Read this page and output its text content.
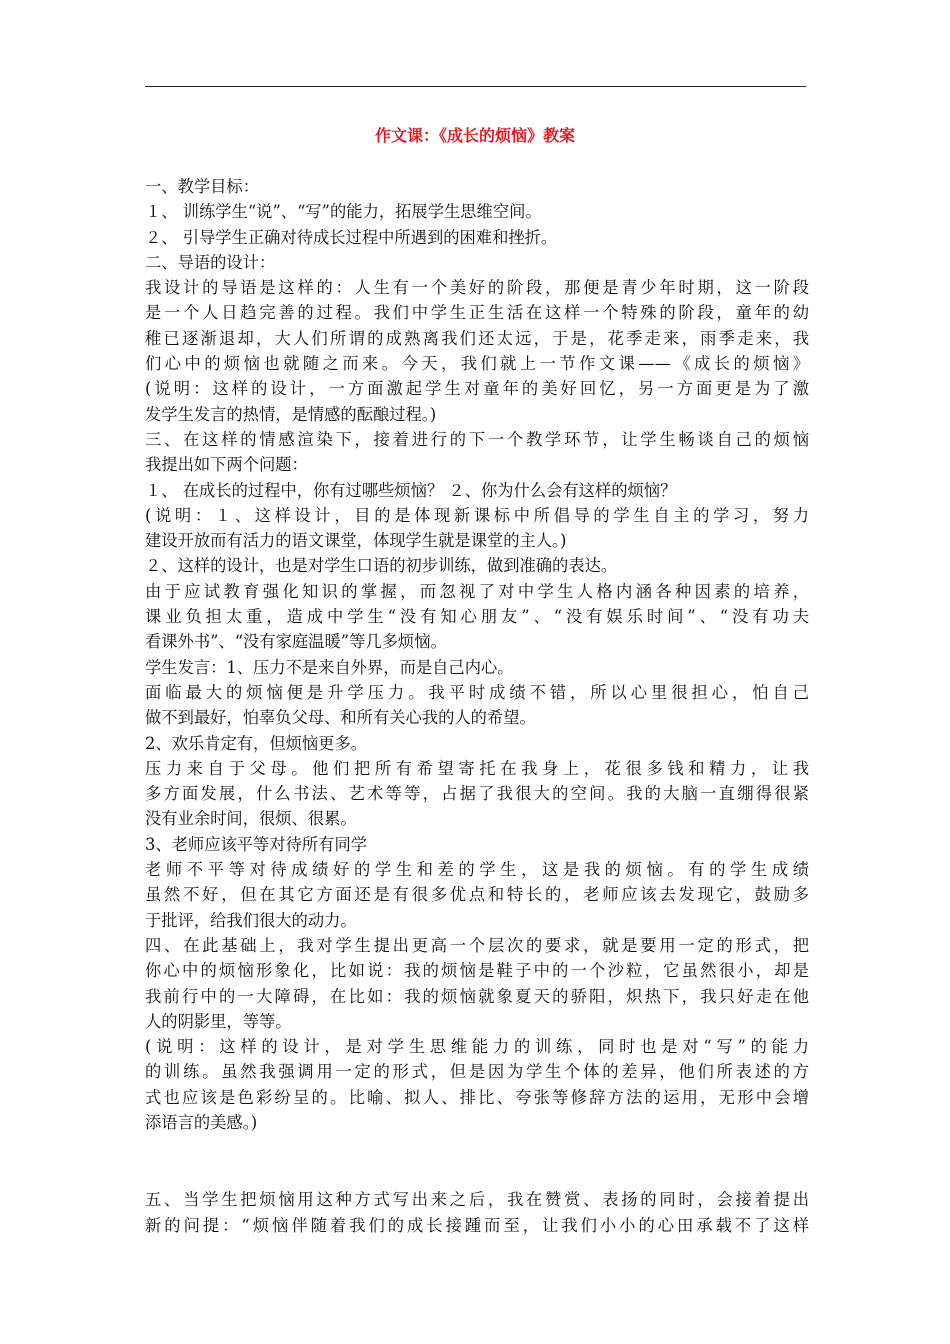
作文课：《成长的烦恼》教案
一、教学目标：
１、 训练学生“说”、“写”的能力，拓展学生思维空间。
２、 引导学生正确对待成长过程中所遇到的困难和挫折。
二、导语的设计：
我设计的导语是这样的：人生有一个美好的阶段，那便是青少年时期，这一阶段
是一个人日趋完善的过程。我们中学生正生活在这样一个特殊的阶段，童年的幼
稚已逐渐退却，大人们所谓的成熟离我们还太远，于是，花季走来，雨季走来，我
们心中的烦恼也就随之而来。今天，我们就上一节作文课——《成长的烦恼》
(说明：这样的设计，一方面激起学生对童年的美好回忆，另一方面更是为了激
发学生发言的热情，是情感的酝酿过程。)
三、在这样的情感渲染下，接着进行的下一个教学环节，让学生畅谈自己的烦恼
我提出如下两个问题：
１、 在成长的过程中，你有过哪些烦恼？ ２、你为什么会有这样的烦恼？
(说明：１、这样设计，目的是体现新课标中所倡导的学生自主的学习，努力
建设开放而有活力的语文课堂，体现学生就是课堂的主人。)
２、这样的设计，也是对学生口语的初步训练，做到准确的表达。
由于应试教育强化知识的掌握，而忽视了对中学生人格内涵各种因素的培养，
课业负担太重，造成中学生“没有知心朋友”、“没有娱乐时间”、“没有功夫
看课外书”、“没有家庭温暖”等几多烦恼。
学生发言：1、压力不是来自外界，而是自己内心。
面临最大的烦恼便是升学压力。我平时成绩不错，所以心里很担心，怕自己
做不到最好，怕辜负父母、和所有关心我的人的希望。
2、欢乐肯定有，但烦恼更多。
压力来自于父母。他们把所有希望寄托在我身上，花很多钱和精力，让我
多方面发展，什么书法、艺术等等，占据了我很大的空间。我的大脑一直绷得很紧
没有业余时间，很烦、很累。
3、老师应该平等对待所有同学
老师不平等对待成绩好的学生和差的学生，这是我的烦恼。有的学生成绩
虽然不好，但在其它方面还是有很多优点和特长的，老师应该去发现它，鼓励多
于批评，给我们很大的动力。
四、在此基础上，我对学生提出更高一个层次的要求，就是要用一定的形式，把
你心中的烦恼形象化，比如说：我的烦恼是鞋子中的一个沙粒，它虽然很小，却是
我前行中的一大障碍，在比如：我的烦恼就象夏天的骄阳，炽热下，我只好走在他
人的阴影里，等等。
(说明：这样的设计，是对学生思维能力的训练，同时也是对“写”的能力
的训练。虽然我强调用一定的形式，但是因为学生个体的差异，他们所表述的方
式也应该是色彩纷呈的。比喻、拟人、排比、夸张等修辞方法的运用，无形中会增
添语言的美感。)
五、当学生把烦恼用这种方式写出来之后，我在赞赏、表扬的同时，会接着提出
新的问提：“烦恼伴随着我们的成长接踵而至，让我们小小的心田承载不了这样
